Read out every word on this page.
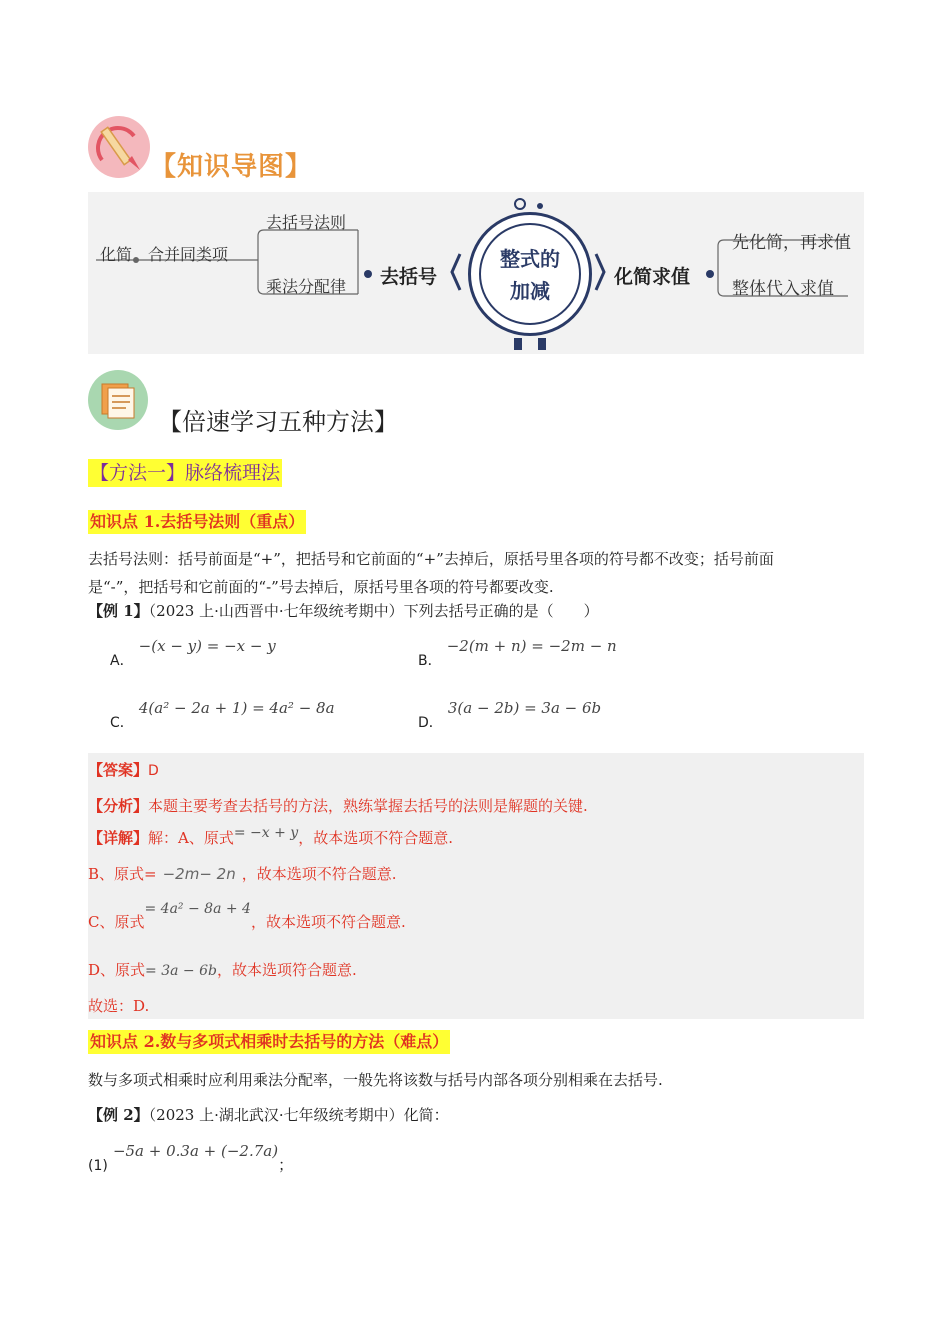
【知识导图】
化简 合并同类项
去括号法则
乘法分配律 去括号
整式的
加减
化简求值
先化简，再求值
整体代入求值
【倍速学习五种方法】
【方法一】脉络梳理法
知识点 1.去括号法则（重点）
去括号法则：括号前面是“+”，把括号和它前面的“+”去掉后，原括号里各项的符号都不改变；括号前面
是“-”，把括号和它前面的“-”号去掉后，原括号里各项的符号都要改变.
【例 1】（2023 上·山西晋中·七年级统考期中）下列去括号正确的是（　　）
A． −(x − y) = −x − y
B． −2(m + n) = −2m − n
C． 4(a² − 2a + 1) = 4a² − 8a
D． 3(a − 2b) = 3a − 6b
【答案】D
【分析】本题主要考查去括号的方法，熟练掌握去括号的法则是解题的关键.
【详解】解：A、原式= −x + y，故本选项不符合题意.
B、原式= −2m− 2n ，故本选项不符合题意.
C、原式= 4a² − 8a + 4，故本选项不符合题意.
D、原式= 3a − 6b，故本选项符合题意.
故选：D.
知识点 2.数与多项式相乘时去括号的方法（难点）
数与多项式相乘时应利用乘法分配率，一般先将该数与括号内部各项分别相乘在去括号.
【例 2】（2023 上·湖北武汉·七年级统考期中）化简：
(1) −5a + 0.3a + (−2.7a)；
